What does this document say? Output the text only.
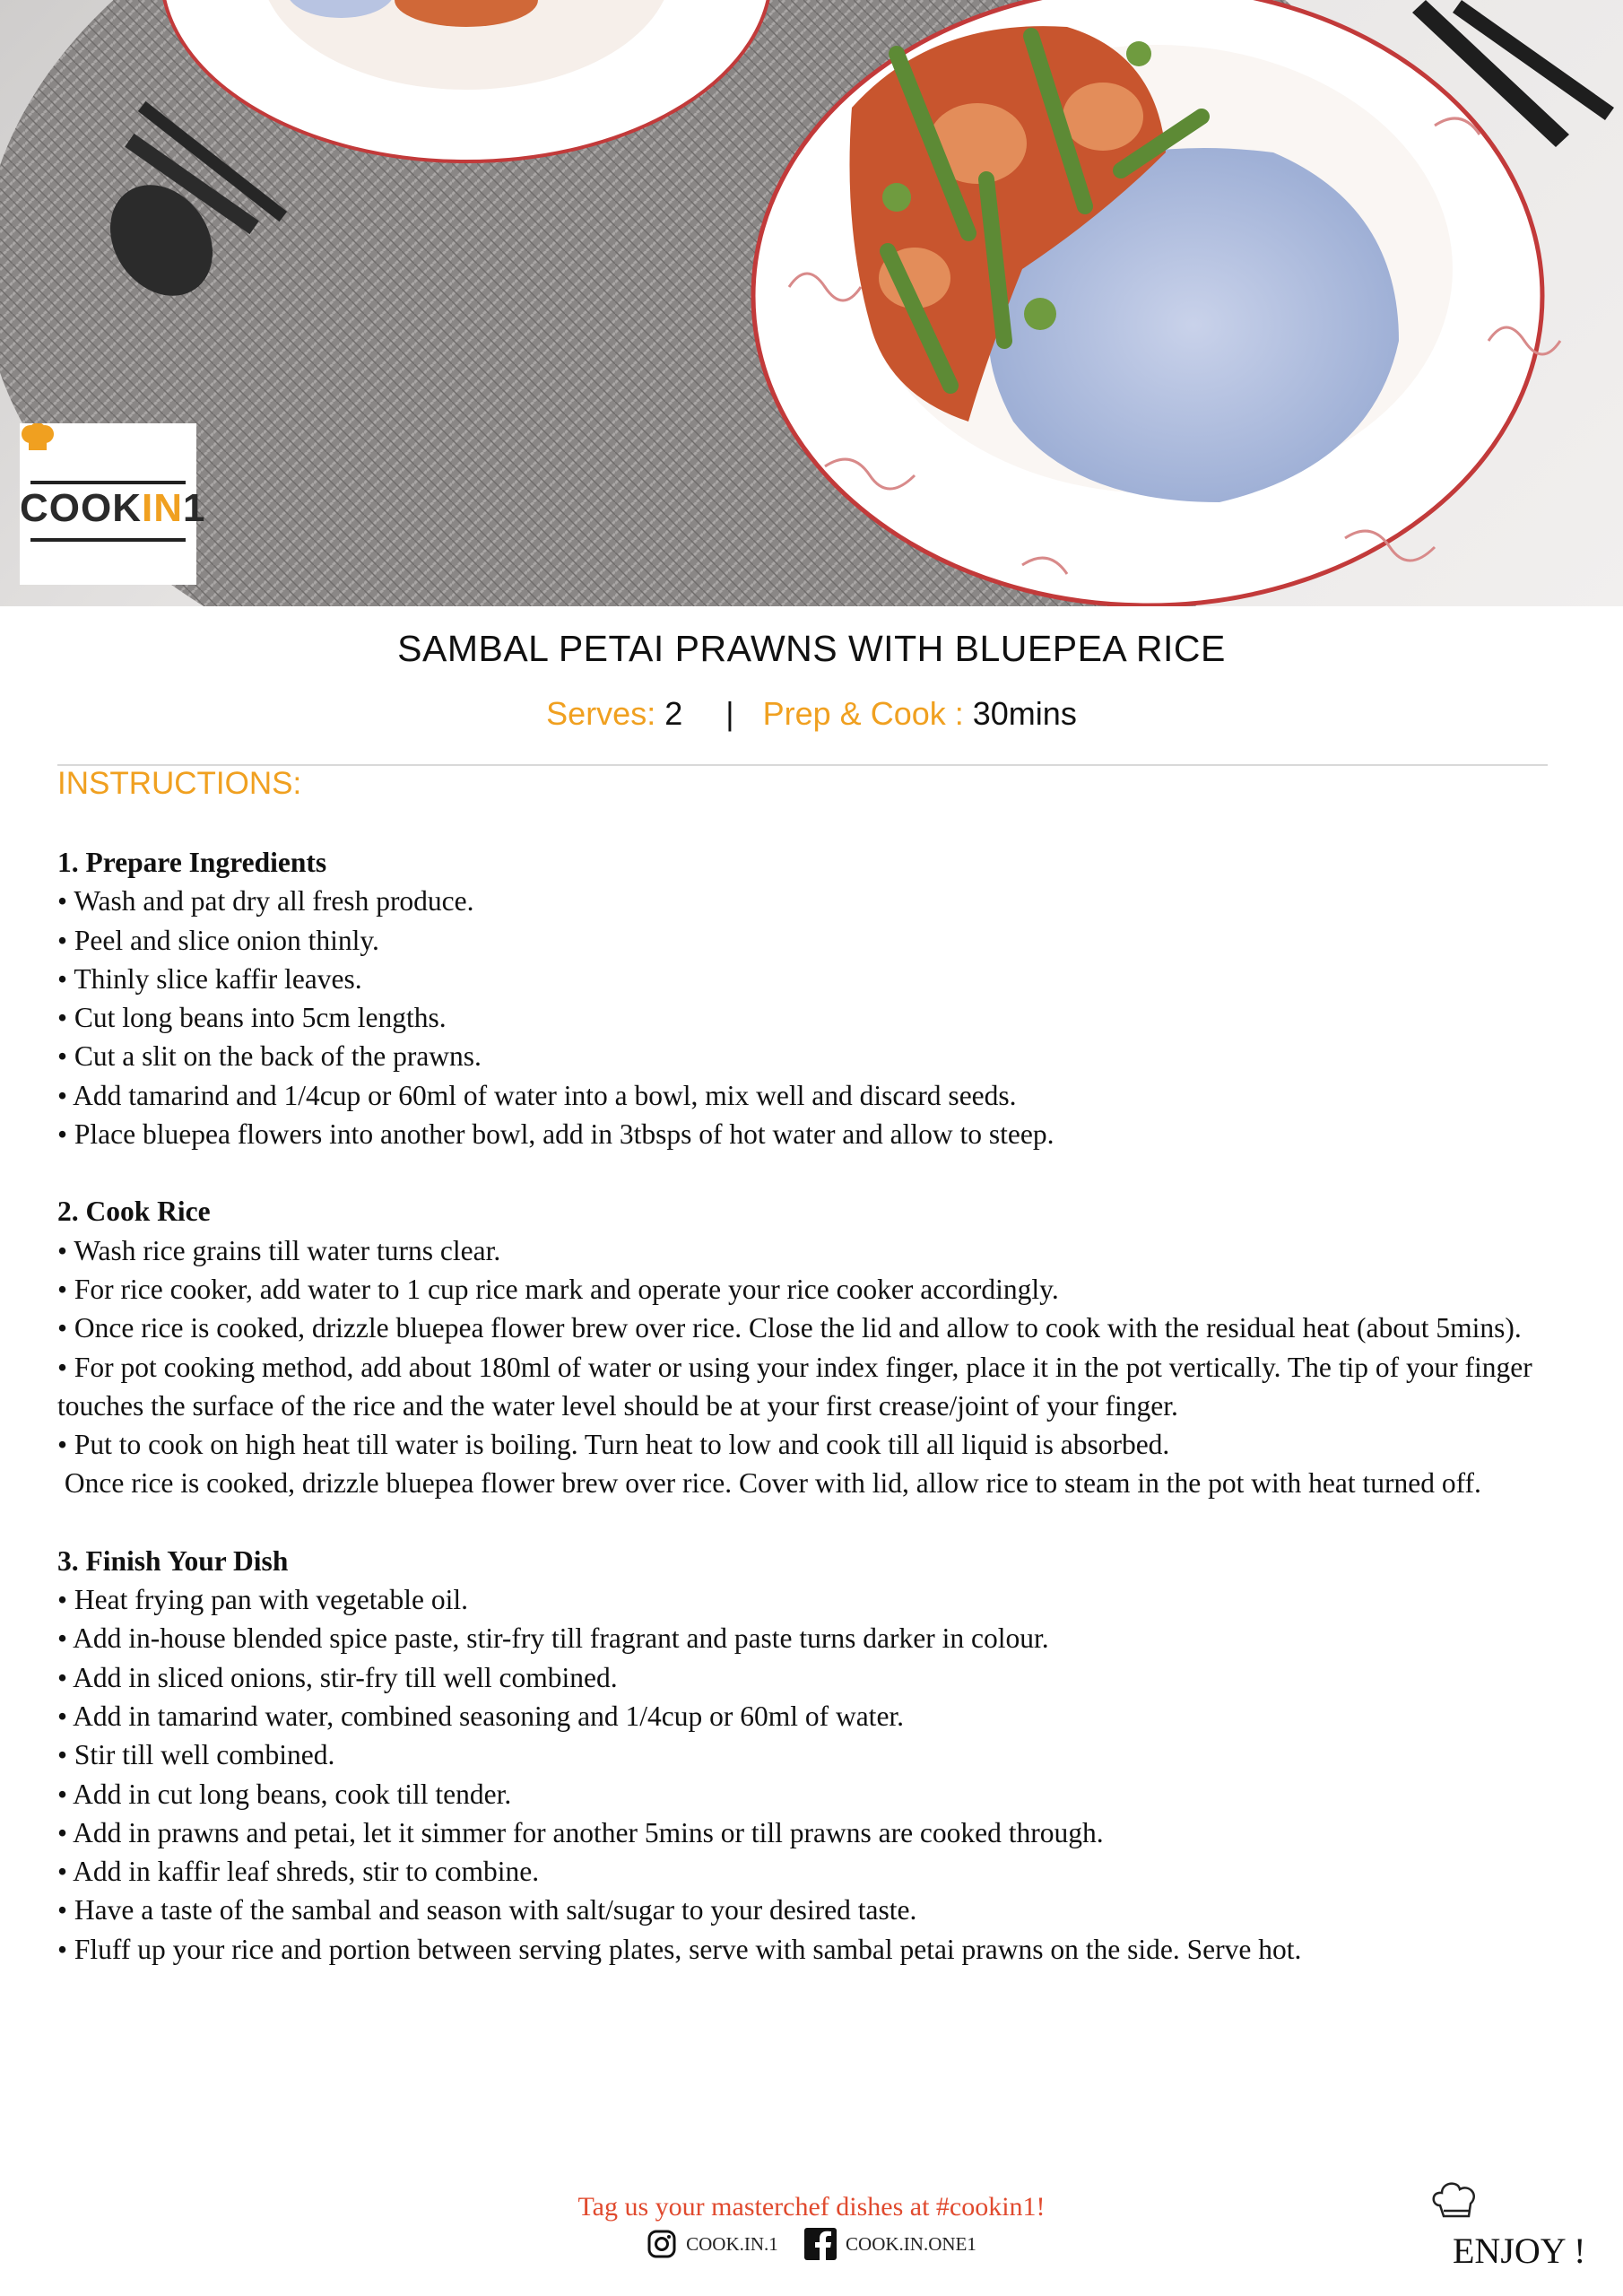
COOKIN1
SAMBAL PETAI PRAWNS WITH BLUEPEA RICE
Serves: 2 | Prep & Cook : 30mins
INSTRUCTIONS:
1. Prepare Ingredients
• Wash and pat dry all fresh produce.
• Peel and slice onion thinly.
• Thinly slice kaffir leaves.
• Cut long beans into 5cm lengths.
• Cut a slit on the back of the prawns.
• Add tamarind and 1/4cup or 60ml of water into a bowl, mix well and discard seeds.
• Place bluepea flowers into another bowl, add in 3tbsps of hot water and allow to steep.
2. Cook Rice
• Wash rice grains till water turns clear.
• For rice cooker, add water to 1 cup rice mark and operate your rice cooker accordingly.
• Once rice is cooked, drizzle bluepea flower brew over rice. Close the lid and allow to cook with the residual heat (about 5mins).
• For pot cooking method, add about 180ml of water or using your index finger, place it in the pot vertically. The tip of your finger touches the surface of the rice and the water level should be at your first crease/joint of your finger.
• Put to cook on high heat till water is boiling. Turn heat to low and cook till all liquid is absorbed.
Once rice is cooked, drizzle bluepea flower brew over rice. Cover with lid, allow rice to steam in the pot with heat turned off.
3. Finish Your Dish
• Heat frying pan with vegetable oil.
• Add in-house blended spice paste, stir-fry till fragrant and paste turns darker in colour.
• Add in sliced onions, stir-fry till well combined.
• Add in tamarind water, combined seasoning and 1/4cup or 60ml of water.
• Stir till well combined.
• Add in cut long beans, cook till tender.
• Add in prawns and petai, let it simmer for another 5mins or till prawns are cooked through.
• Add in kaffir leaf shreds, stir to combine.
• Have a taste of the sambal and season with salt/sugar to your desired taste.
• Fluff up your rice and portion between serving plates, serve with sambal petai prawns on the side. Serve hot.
Tag us your masterchef dishes at #cookin1!
COOK.IN.1
	COOK.IN.ONE1	ENJOY !
